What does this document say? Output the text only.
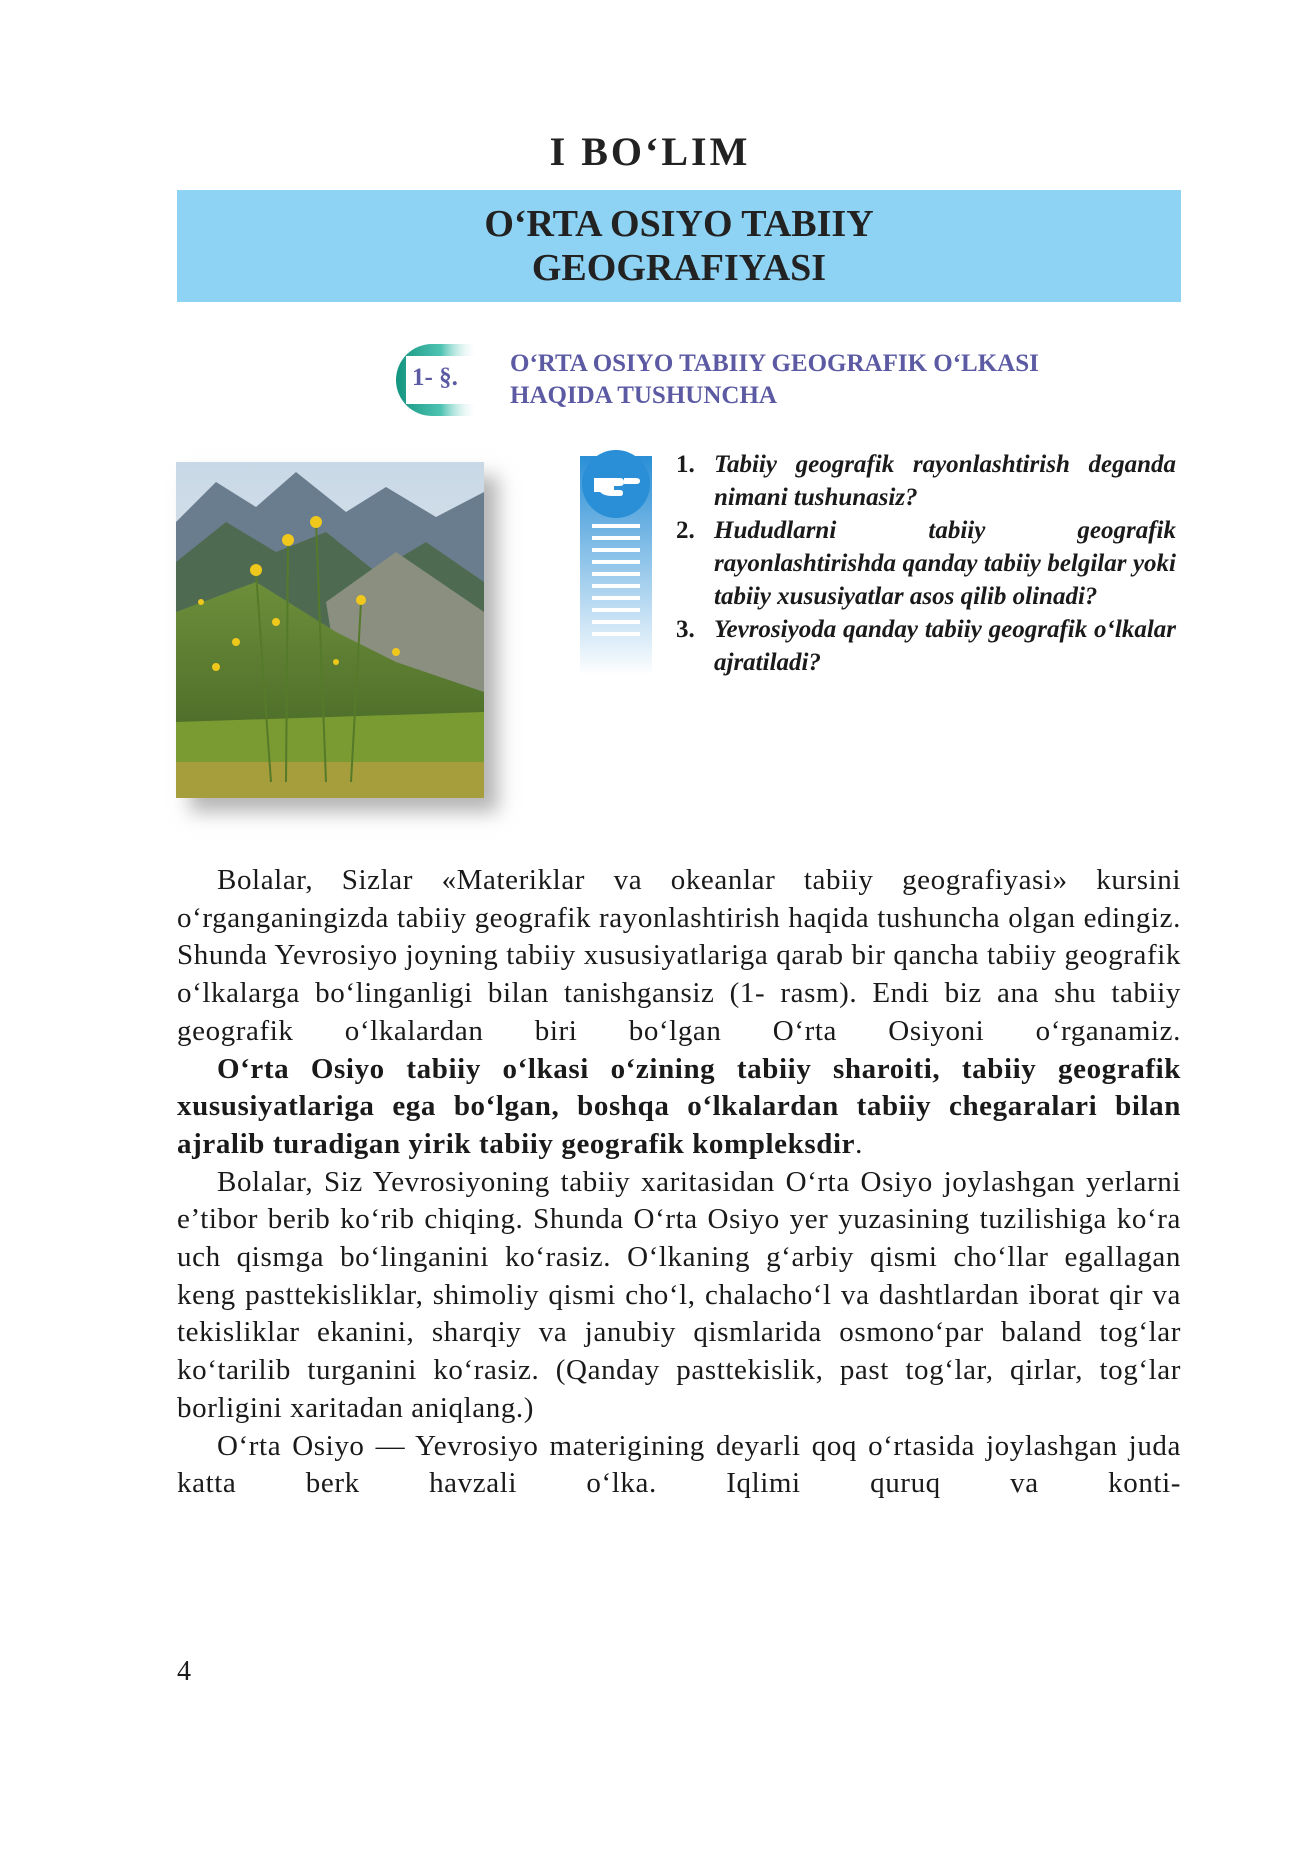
I BO‘LIM
O‘RTA OSIYO TABIIY
GEOGRAFIYASI
1- §.
O‘RTA OSIYO TABIIY GEOGRAFIK O‘LKASI
HAQIDA TUSHUNCHA
1. Tabiiy geografik rayonlashtirish deganda nimani tushunasiz?
2. Hududlarni tabiiy geografik rayonlashtirishda qanday tabiiy belgilar yoki tabiiy xususiyatlar asos qilib olinadi?
3. Yevrosiyoda qanday tabiiy geografik o‘lkalar ajratiladi?

Bolalar, Sizlar «Materiklar va okeanlar tabiiy geografiyasi» kursini o‘rganganingizda tabiiy geografik rayonlashtirish haqida tushuncha olgan edingiz. Shunda Yevrosiyo joyning tabiiy xususiyatlariga qarab bir qancha tabiiy geografik o‘lkalarga bo‘linganligi bilan tanishgansiz (1- rasm). Endi biz ana shu tabiiy geografik o‘lkalardan biri bo‘lgan O‘rta Osiyoni o‘rganamiz.

O‘rta Osiyo tabiiy o‘lkasi o‘zining tabiiy sharoiti, tabiiy geografik xususiyatlariga ega bo‘lgan, boshqa o‘lkalardan tabiiy chegaralari bilan ajralib turadigan yirik tabiiy geografik kompleksdir.

Bolalar, Siz Yevrosiyoning tabiiy xaritasidan O‘rta Osiyo joylashgan yerlarni e’tibor berib ko‘rib chiqing. Shunda O‘rta Osiyo yer yuzasining tuzilishiga ko‘ra uch qismga bo‘linganini ko‘rasiz. O‘lkaning g‘arbiy qismi cho‘llar egallagan keng pasttekisliklar, shimoliy qismi cho‘l, chalacho‘l va dashtlardan iborat qir va tekisliklar ekanini, sharqiy va janubiy qismlarida osmono‘par baland tog‘lar ko‘tarilib turganini ko‘rasiz. (Qanday pasttekislik, past tog‘lar, qirlar, tog‘lar borligini xaritadan aniqlang.)

O‘rta Osiyo — Yevrosiyo materigining deyarli qoq o‘rtasida joylashgan juda katta berk havzali o‘lka. Iqlimi quruq va konti-

4
